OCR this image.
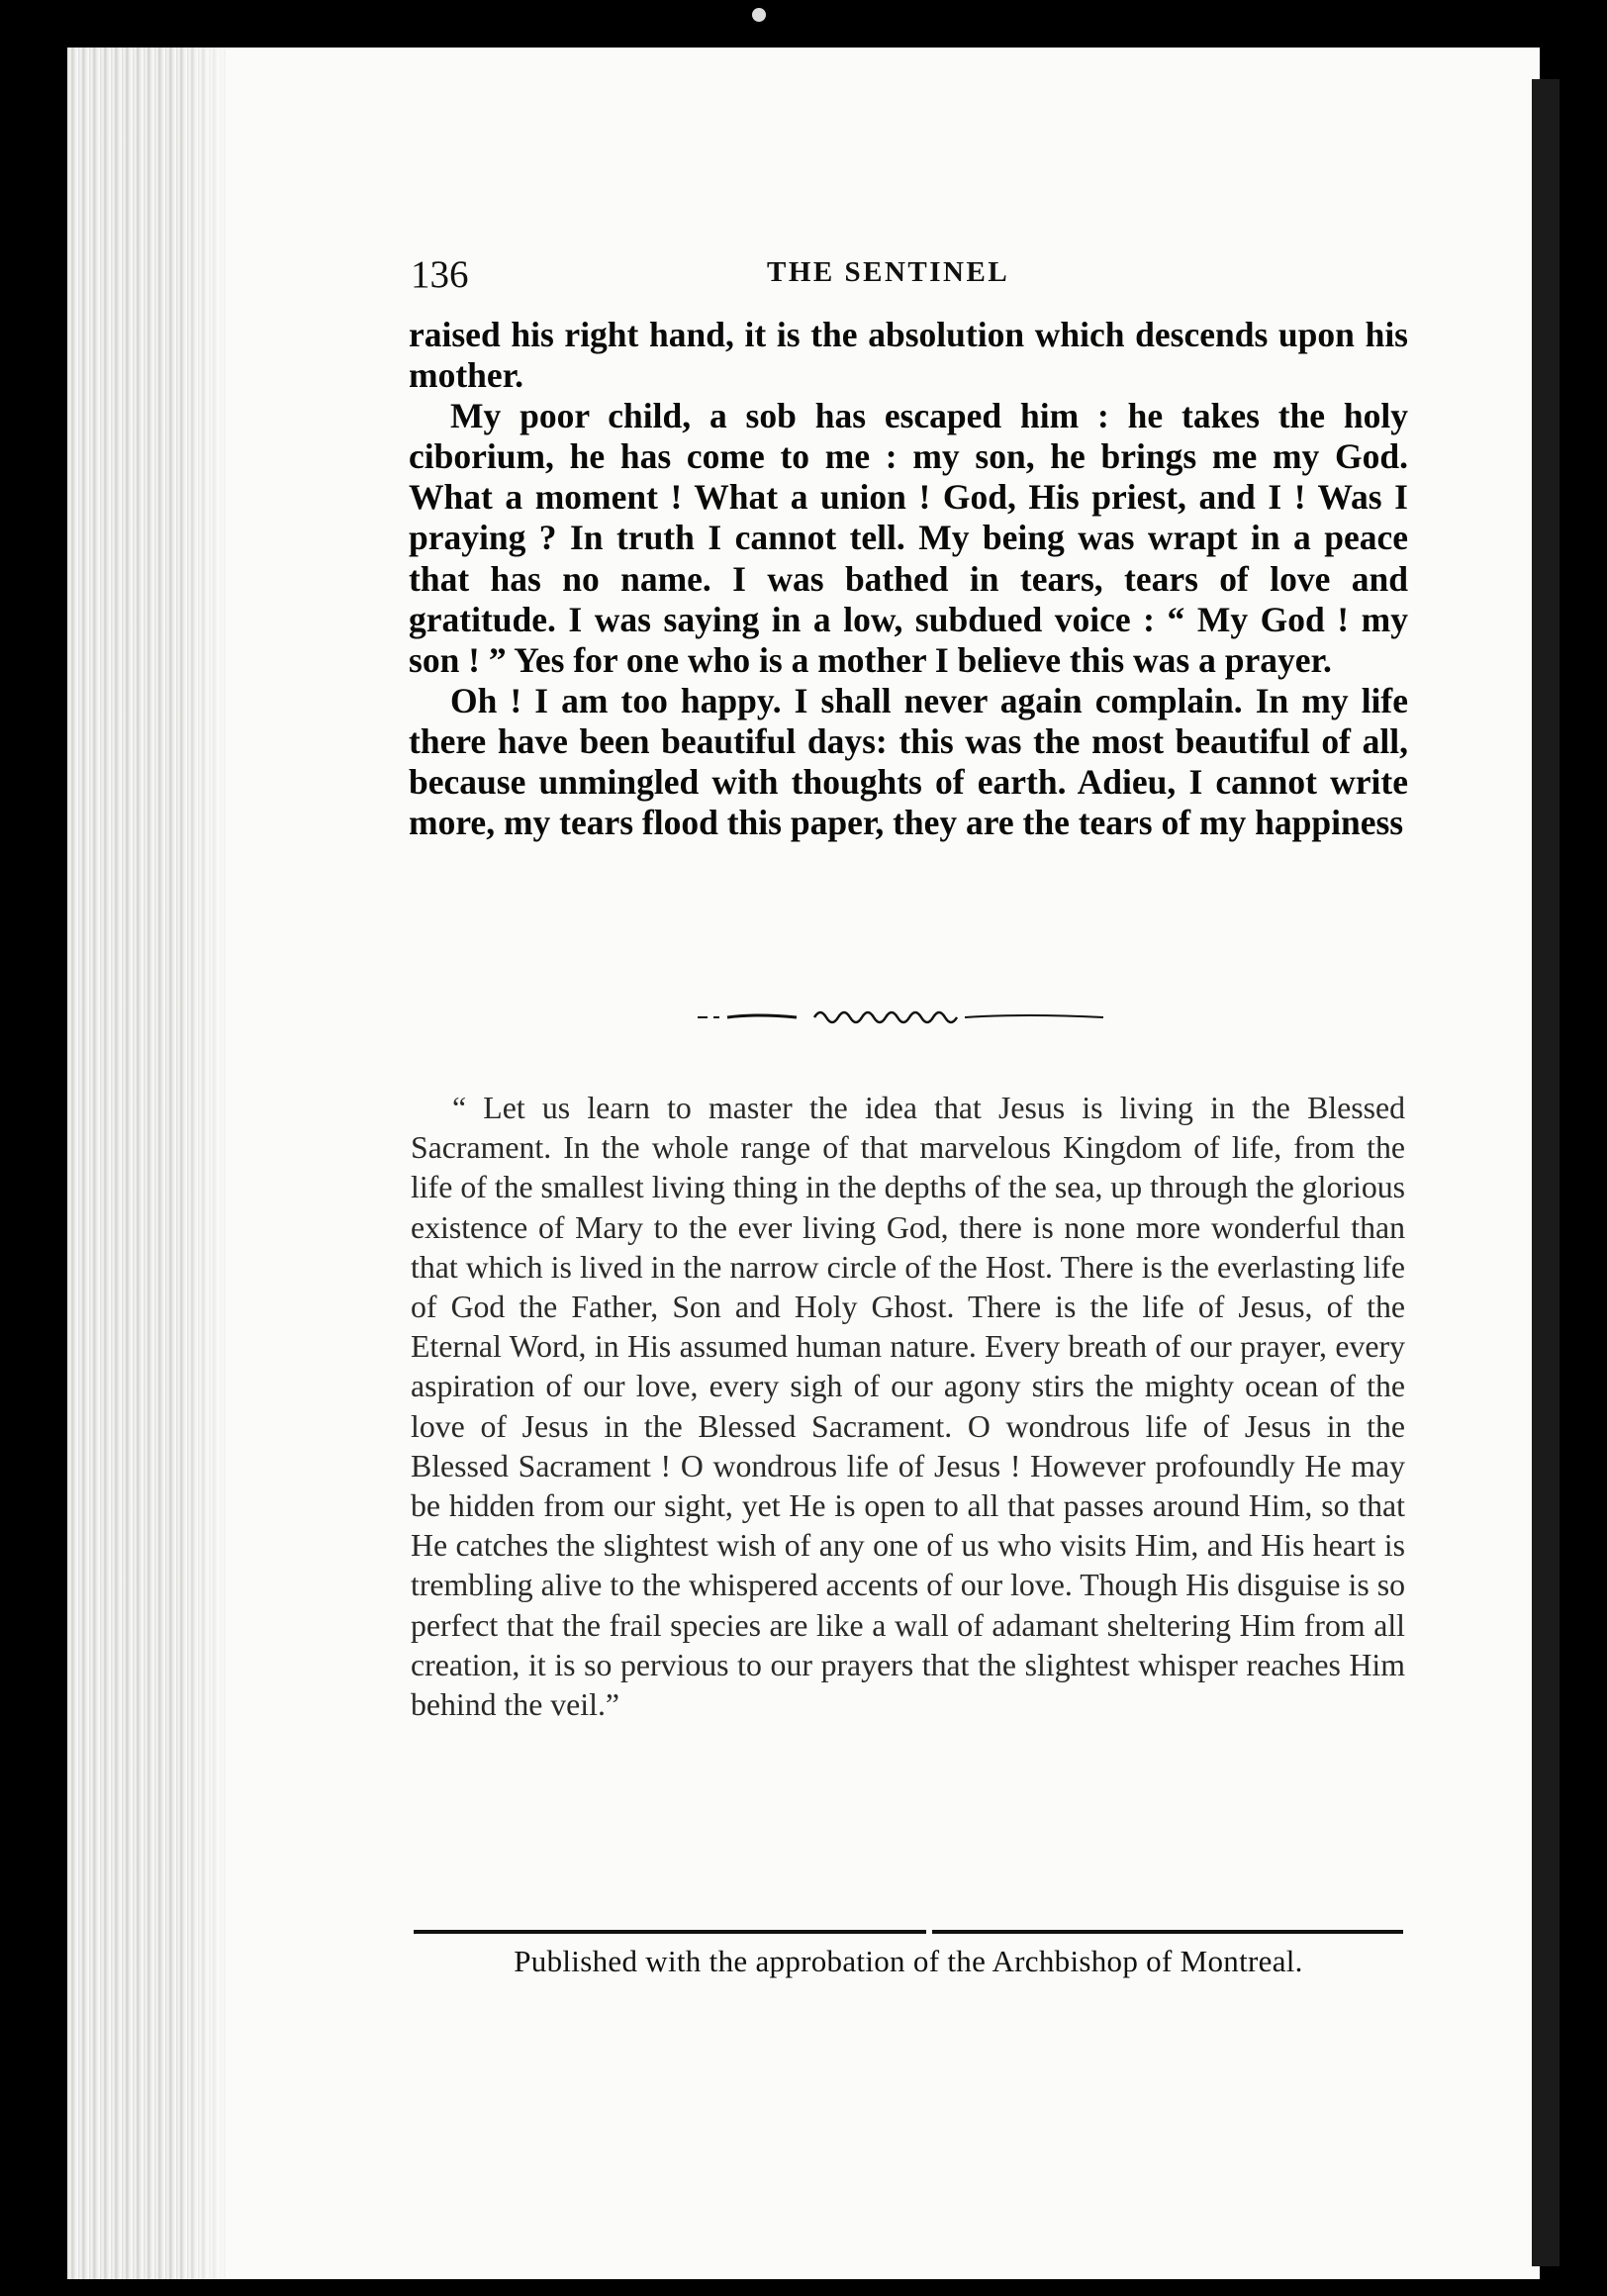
136	THE SENTINEL

raised his right hand, it is the absolution which descends upon his mother.

My poor child, a sob has escaped him : he takes the holy ciborium, he has come to me : my son, he brings me my God. What a moment ! What a union ! God, His priest, and I ! Was I praying ? In truth I cannot tell. My being was wrapt in a peace that has no name. I was bathed in tears, tears of love and gratitude. I was saying in a low, subdued voice : “ My God ! my son ! ” Yes for one who is a mother I believe this was a prayer.

Oh ! I am too happy. I shall never again complain. In my life there have been beautiful days: this was the most beautiful of all, because unmingled with thoughts of earth. Adieu, I cannot write more, my tears flood this paper, they are the tears of my happiness

“ Let us learn to master the idea that Jesus is living in the Blessed Sacrament. In the whole range of that marvelous Kingdom of life, from the life of the smallest living thing in the depths of the sea, up through the glorious existence of Mary to the ever living God, there is none more wonderful than that which is lived in the narrow circle of the Host. There is the everlasting life of God the Father, Son and Holy Ghost. There is the life of Jesus, of the Eternal Word, in His assumed human nature. Every breath of our prayer, every aspiration of our love, every sigh of our agony stirs the mighty ocean of the love of Jesus in the Blessed Sacrament. O wondrous life of Jesus in the Blessed Sacrament ! O wondrous life of Jesus ! However profoundly He may be hidden from our sight, yet He is open to all that passes around Him, so that He catches the slightest wish of any one of us who visits Him, and His heart is trembling alive to the whispered accents of our love. Though His disguise is so perfect that the frail species are like a wall of adamant sheltering Him from all creation, it is so pervious to our prayers that the slightest whisper reaches Him behind the veil.”

Published with the approbation of the Archbishop of Montreal.
